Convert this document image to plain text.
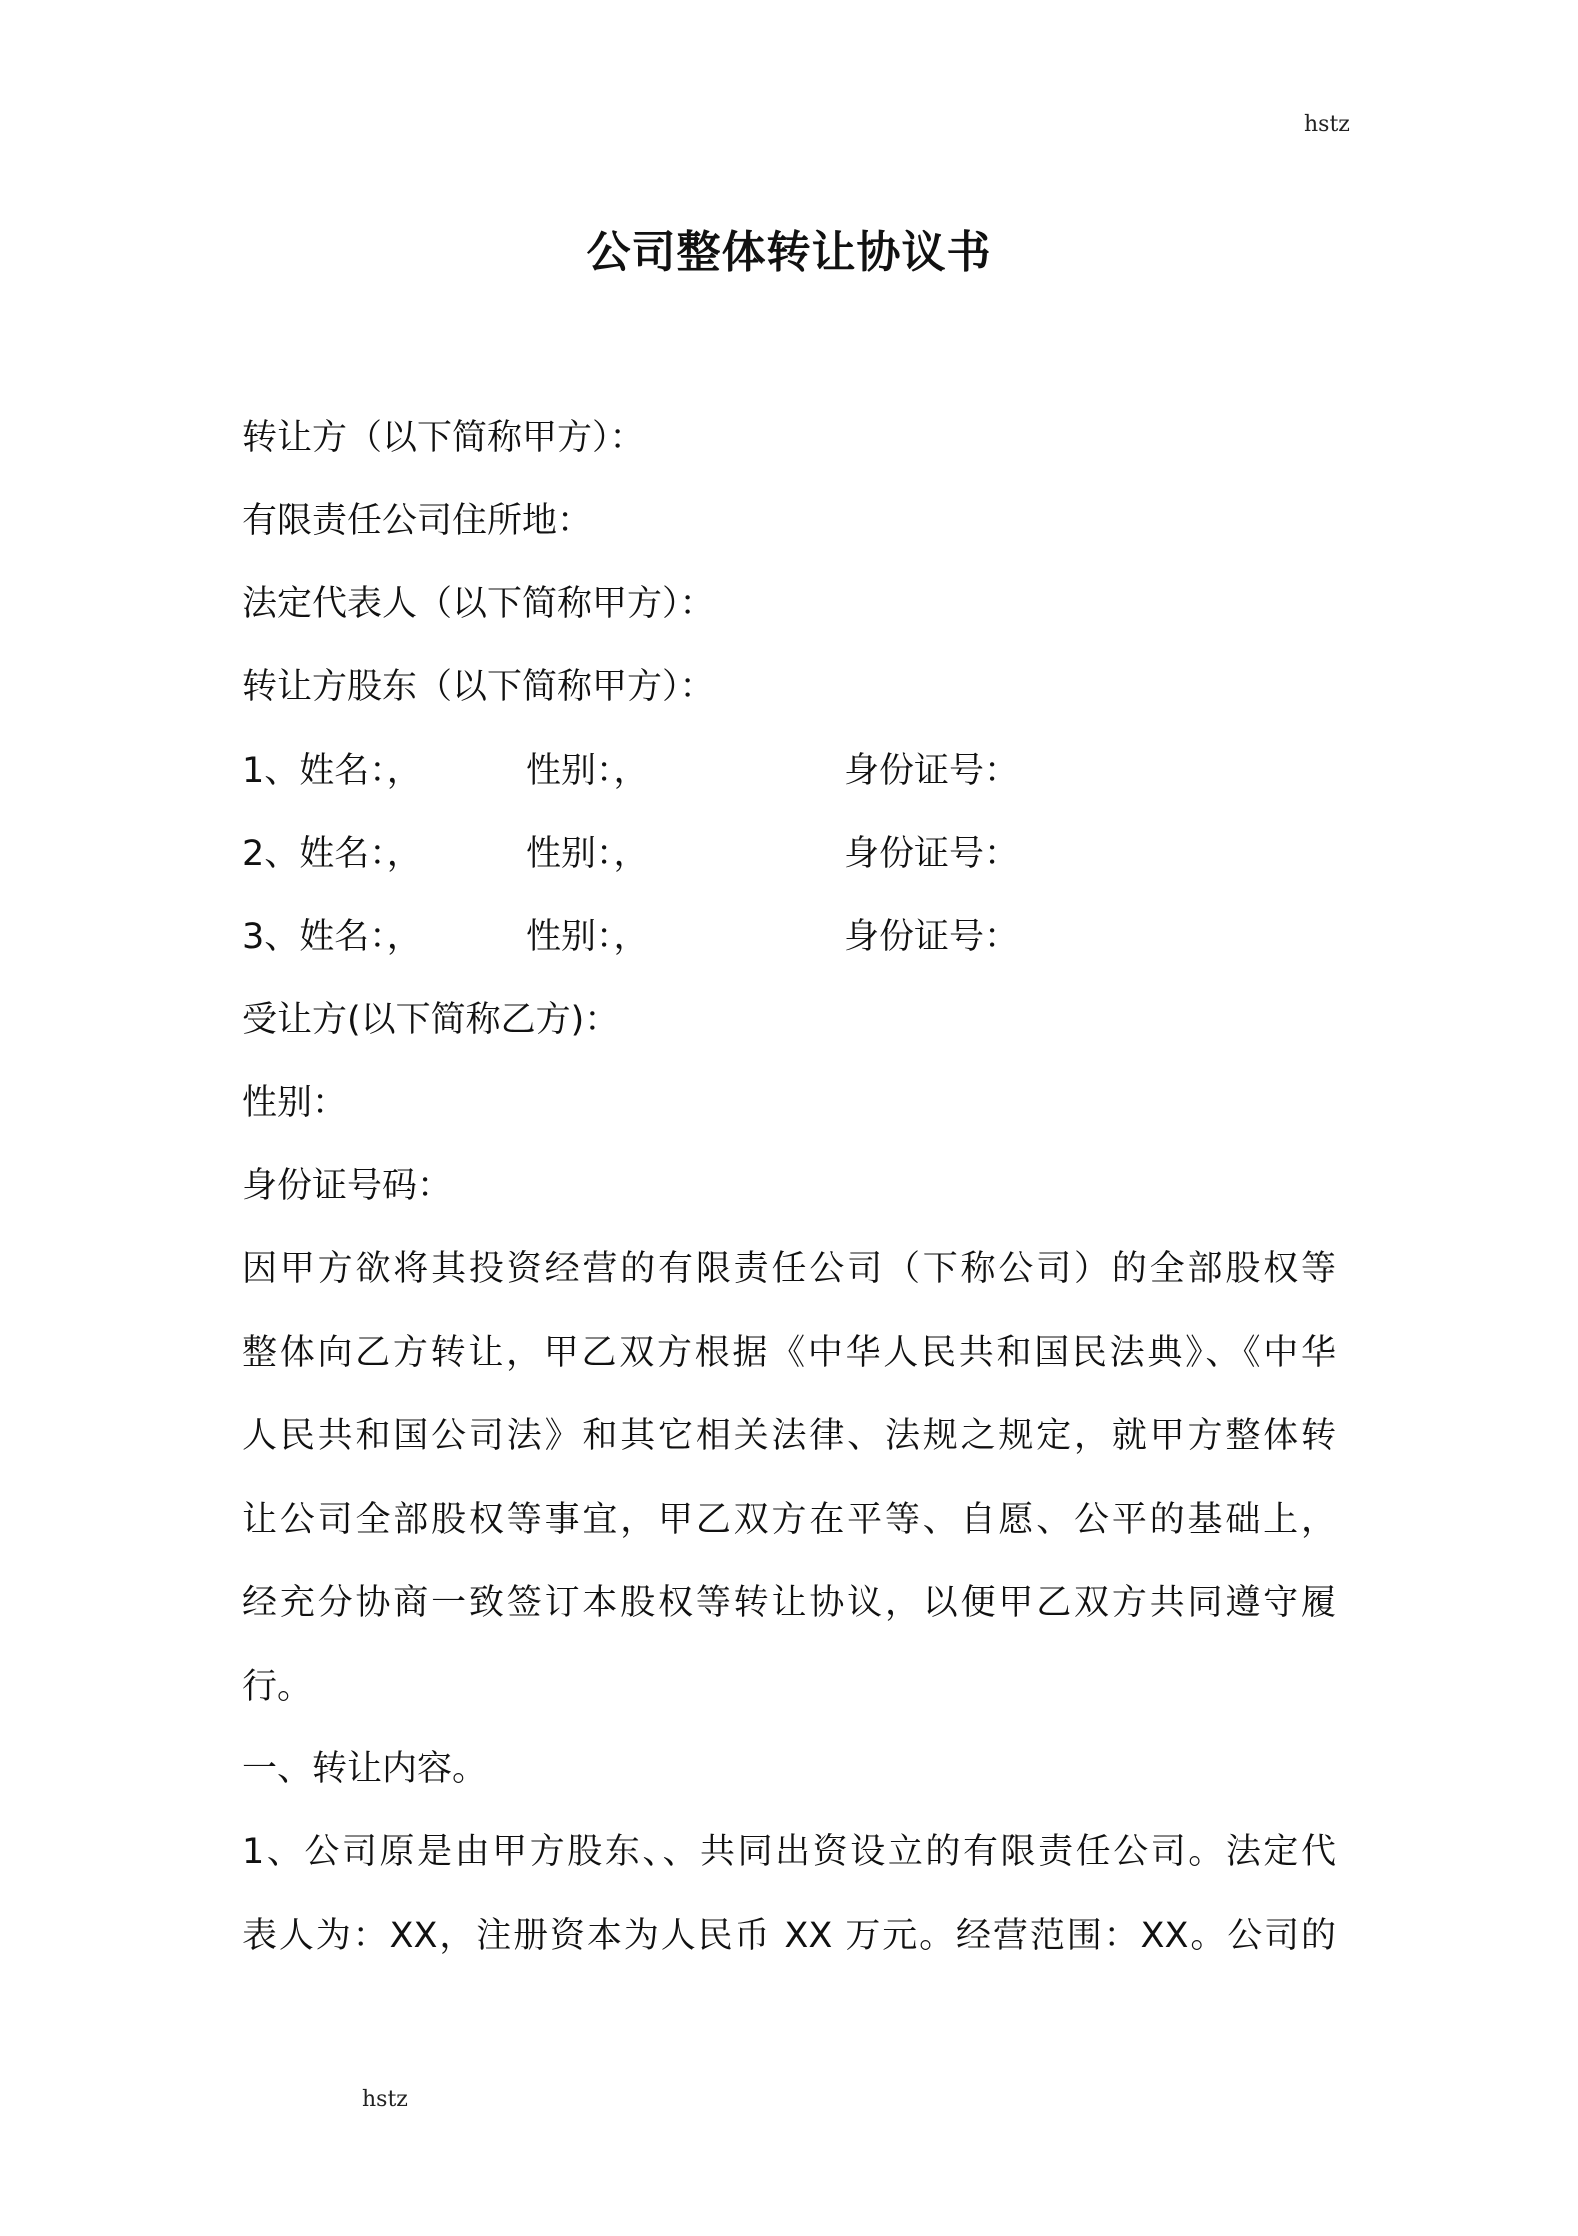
hstz
公司整体转让协议书
转让方（以下简称甲方）：
有限责任公司住所地：
法定代表人（以下简称甲方）：
转让方股东（以下简称甲方）：
1、姓名：，	性别：，	身份证号：
2、姓名：，	性别：，	身份证号：
3、姓名：，	性别：，	身份证号：
受让方(以下简称乙方)：
性别：
身份证号码：
因甲方欲将其投资经营的有限责任公司（下称公司）的全部股权等
整体向乙方转让，甲乙双方根据《中华人民共和国民法典》、《中华
人民共和国公司法》和其它相关法律、法规之规定，就甲方整体转
让公司全部股权等事宜，甲乙双方在平等、自愿、公平的基础上，
经充分协商一致签订本股权等转让协议，以便甲乙双方共同遵守履
行。
一、转让内容。
1、公司原是由甲方股东、、共同出资设立的有限责任公司。法定代
表人为：XX，注册资本为人民币 XX 万元。经营范围：XX。公司的
hstz
